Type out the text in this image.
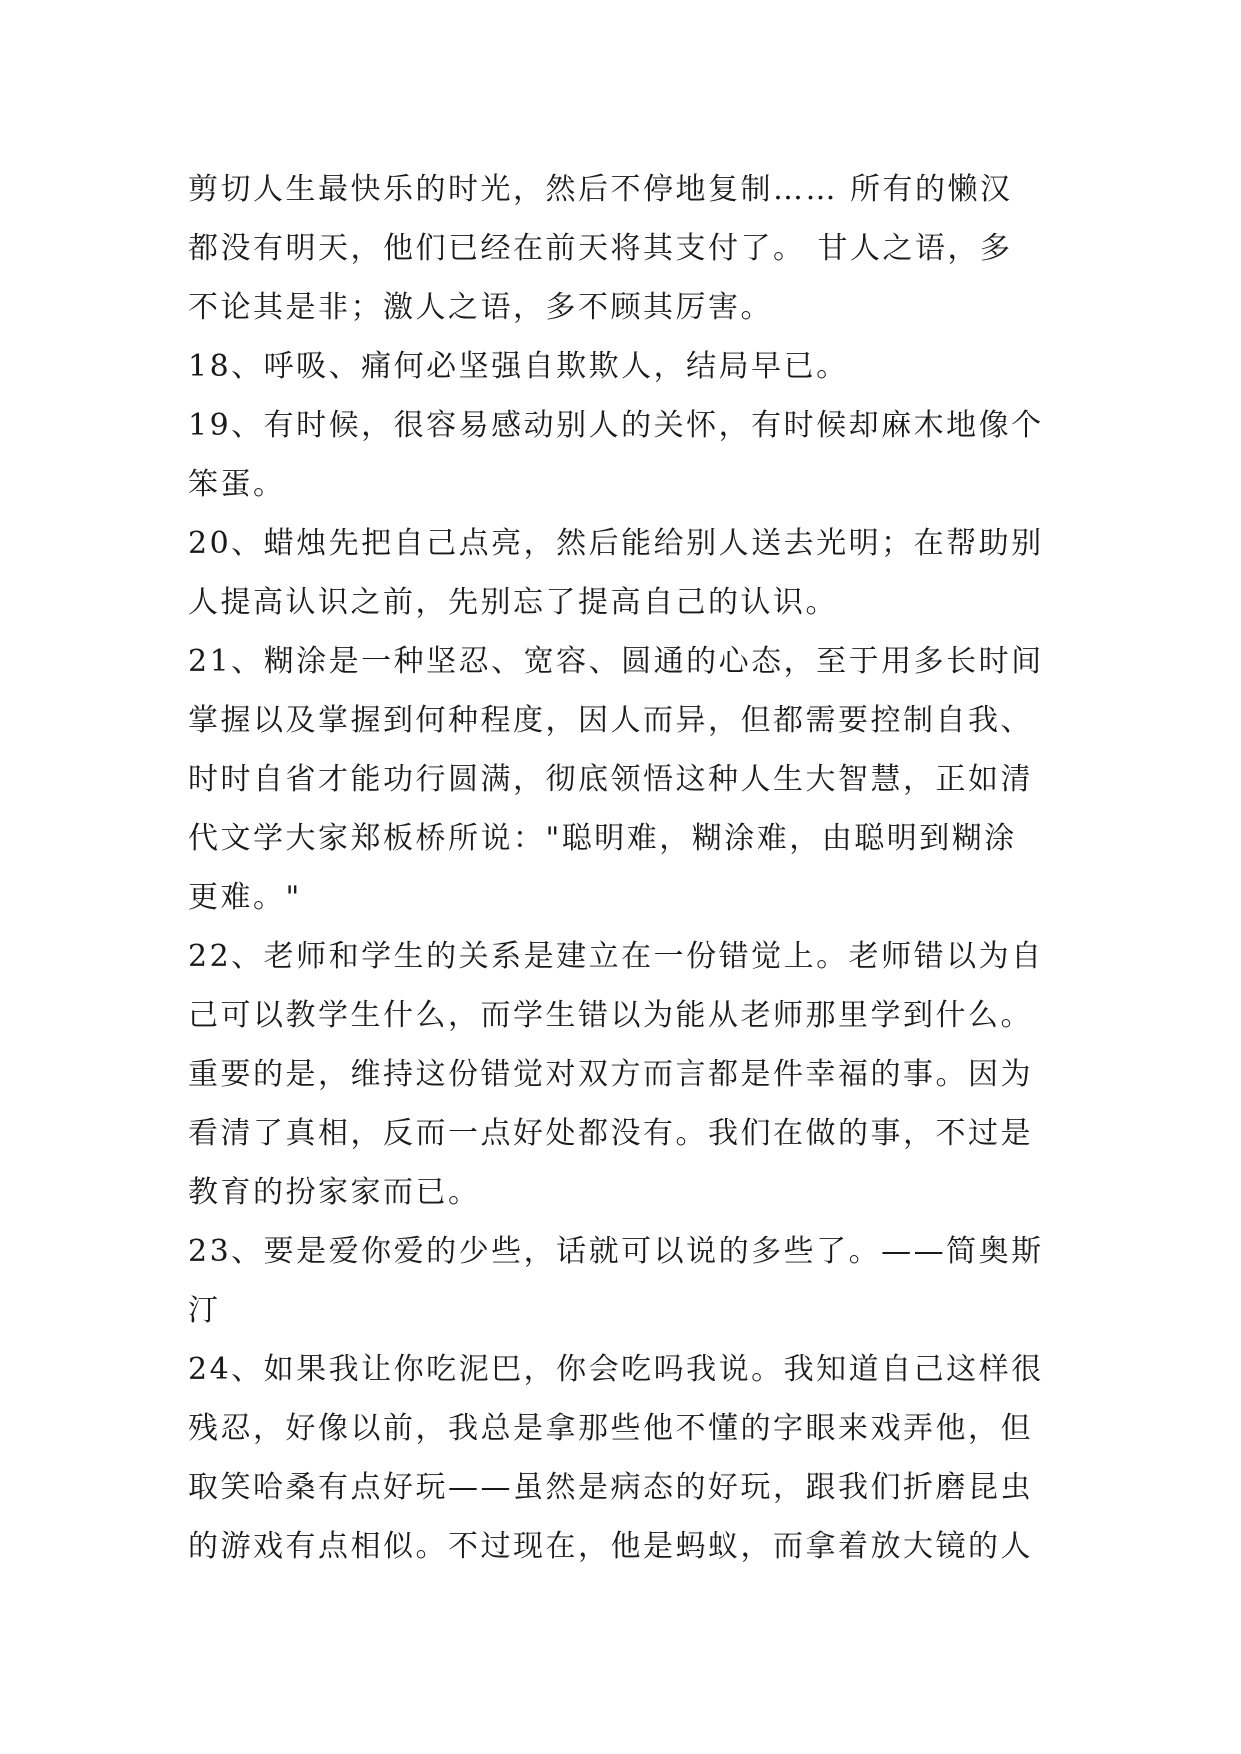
剪切人生最快乐的时光，然后不停地复制…… 所有的懒汉
都没有明天，他们已经在前天将其支付了。 甘人之语，多
不论其是非；激人之语，多不顾其厉害。
18、呼吸、痛何必坚强自欺欺人，结局早已。
19、有时候，很容易感动别人的关怀，有时候却麻木地像个
笨蛋。
20、蜡烛先把自己点亮，然后能给别人送去光明；在帮助别
人提高认识之前，先别忘了提高自己的认识。
21、糊涂是一种坚忍、宽容、圆通的心态，至于用多长时间
掌握以及掌握到何种程度，因人而异，但都需要控制自我、
时时自省才能功行圆满，彻底领悟这种人生大智慧，正如清
代文学大家郑板桥所说："聪明难，糊涂难，由聪明到糊涂
更难。"
22、老师和学生的关系是建立在一份错觉上。老师错以为自
己可以教学生什么，而学生错以为能从老师那里学到什么。
重要的是，维持这份错觉对双方而言都是件幸福的事。因为
看清了真相，反而一点好处都没有。我们在做的事，不过是
教育的扮家家而已。
23、要是爱你爱的少些，话就可以说的多些了。——简奥斯
汀
24、如果我让你吃泥巴，你会吃吗我说。我知道自己这样很
残忍，好像以前，我总是拿那些他不懂的字眼来戏弄他，但
取笑哈桑有点好玩——虽然是病态的好玩，跟我们折磨昆虫
的游戏有点相似。不过现在，他是蚂蚁，而拿着放大镜的人
